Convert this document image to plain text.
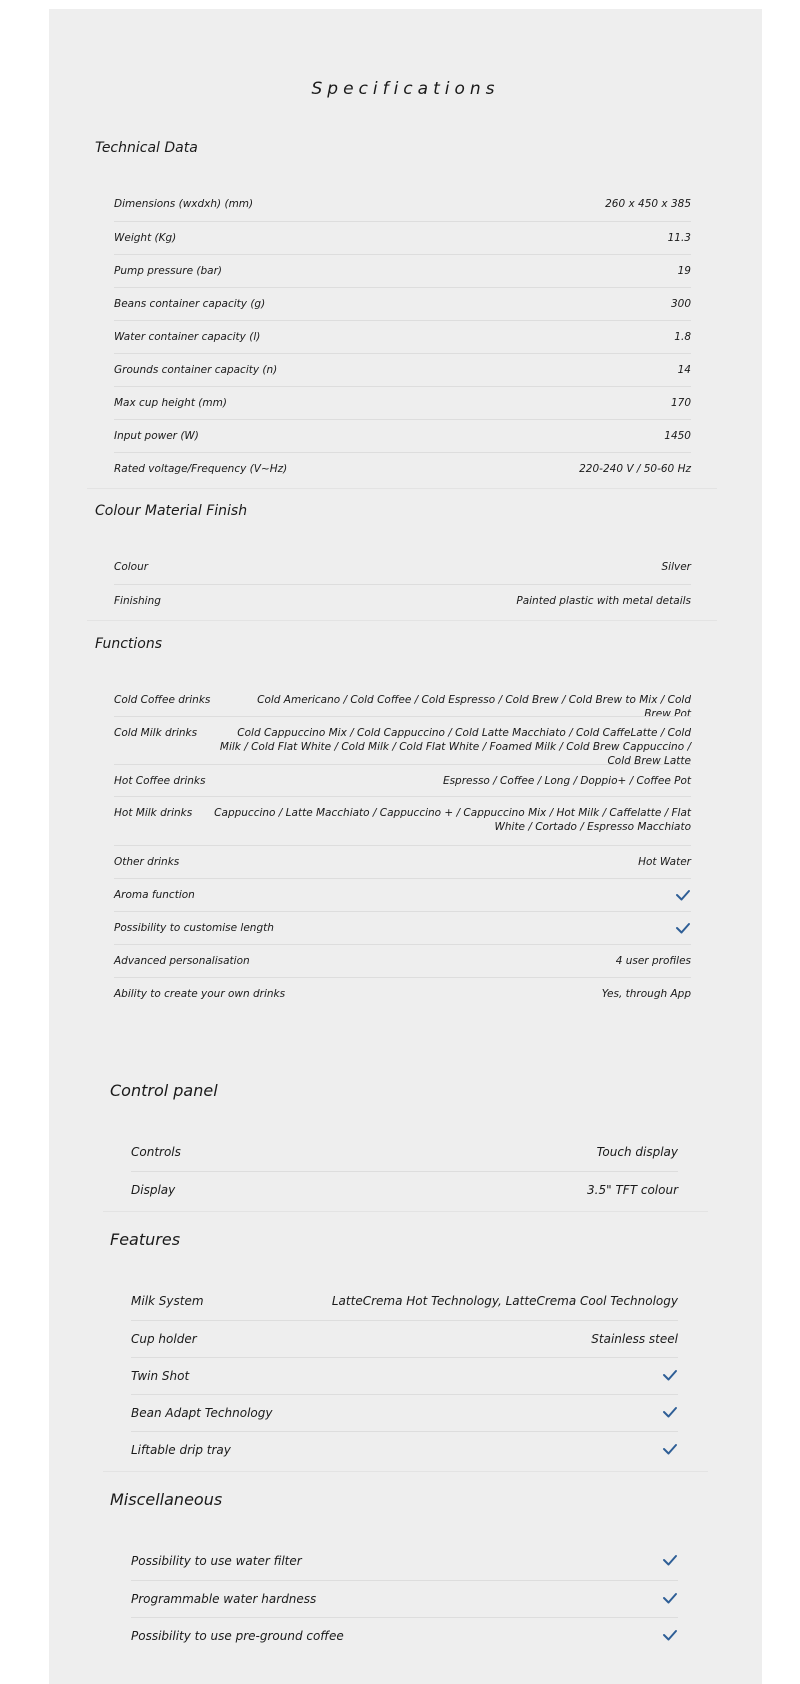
Specifications
Technical Data
Dimensions (wxdxh) (mm)	260 x 450 x 385
Weight (Kg)	11.3
Pump pressure (bar)	19
Beans container capacity (g)	300
Water container capacity (l)	1.8
Grounds container capacity (n)	14
Max cup height (mm)	170
Input power (W)	1450
Rated voltage/Frequency (V~Hz)	220-240 V / 50-60 Hz
Colour Material Finish
Colour	Silver
Finishing	Painted plastic with metal details
Functions
Cold Coffee drinks	Cold Americano / Cold Coffee / Cold Espresso / Cold Brew / Cold Brew to Mix / Cold Brew Pot
Cold Milk drinks	Cold Cappuccino Mix / Cold Cappuccino / Cold Latte Macchiato / Cold CaffeLatte / Cold Milk / Cold Flat White / Cold Milk / Cold Flat White / Foamed Milk / Cold Brew Cappuccino / Cold Brew Latte
Hot Coffee drinks	Espresso / Coffee / Long / Doppio+ / Coffee Pot
Hot Milk drinks	Cappuccino / Latte Macchiato / Cappuccino + / Cappuccino Mix / Hot Milk / Caffelatte / Flat White / Cortado / Espresso Macchiato
Other drinks	Hot Water
Aroma function
Possibility to customise length
Advanced personalisation	4 user profiles
Ability to create your own drinks	Yes, through App
Control panel
Controls	Touch display
Display	3.5" TFT colour
Features
Milk System	LatteCrema Hot Technology, LatteCrema Cool Technology
Cup holder	Stainless steel
Twin Shot
Bean Adapt Technology
Liftable drip tray
Miscellaneous
Possibility to use water filter
Programmable water hardness
Possibility to use pre-ground coffee
